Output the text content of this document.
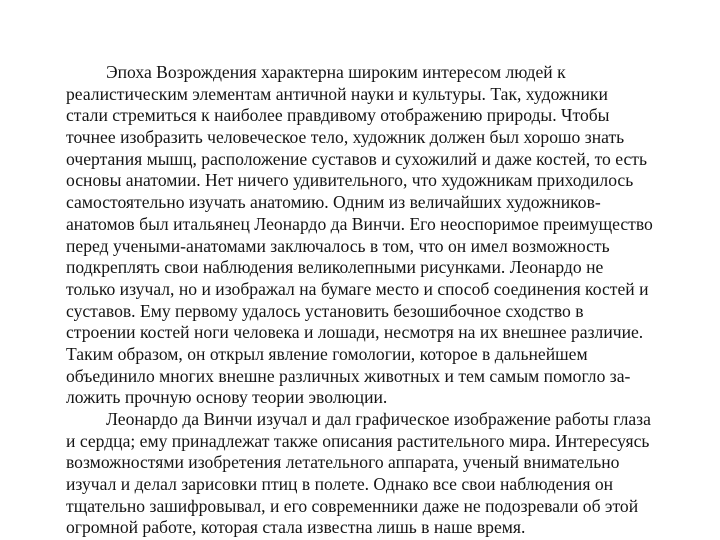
Эпоха Возрождения характерна широким интересом людей к
реалистическим элементам античной науки и культуры. Так, художники
стали стремиться к наиболее правдивому отображению природы. Чтобы
точнее изобразить человеческое тело, художник должен был хорошо знать
очертания мышц, расположение суставов и сухожилий и даже костей, то есть
основы анатомии. Нет ничего удивительного, что художникам приходилось
самостоятельно изучать анатомию. Одним из величайших художников-
анатомов был итальянец Леонардо да Винчи. Его неоспоримое преимущество
перед учеными-анатомами заключалось в том, что он имел возможность
подкреплять свои наблюдения великолепными рисунками. Леонардо не
только изучал, но и изображал на бумаге место и способ соединения костей и
суставов. Ему первому удалось установить безошибочное сходство в
строении костей ноги человека и лошади, несмотря на их внешнее различие.
Таким образом, он открыл явление гомологии, которое в дальнейшем
объединило многих внешне различных животных и тем самым помогло за-
ложить прочную основу теории эволюции.
Леонардо да Винчи изучал и дал графическое изображение работы глаза
и сердца; ему принадлежат также описания растительного мира. Интересуясь
возможностями изобретения летательного аппарата, ученый внимательно
изучал и делал зарисовки птиц в полете. Однако все свои наблюдения он
тщательно зашифровывал, и его современники даже не подозревали об этой
огромной работе, которая стала известна лишь в наше время.
